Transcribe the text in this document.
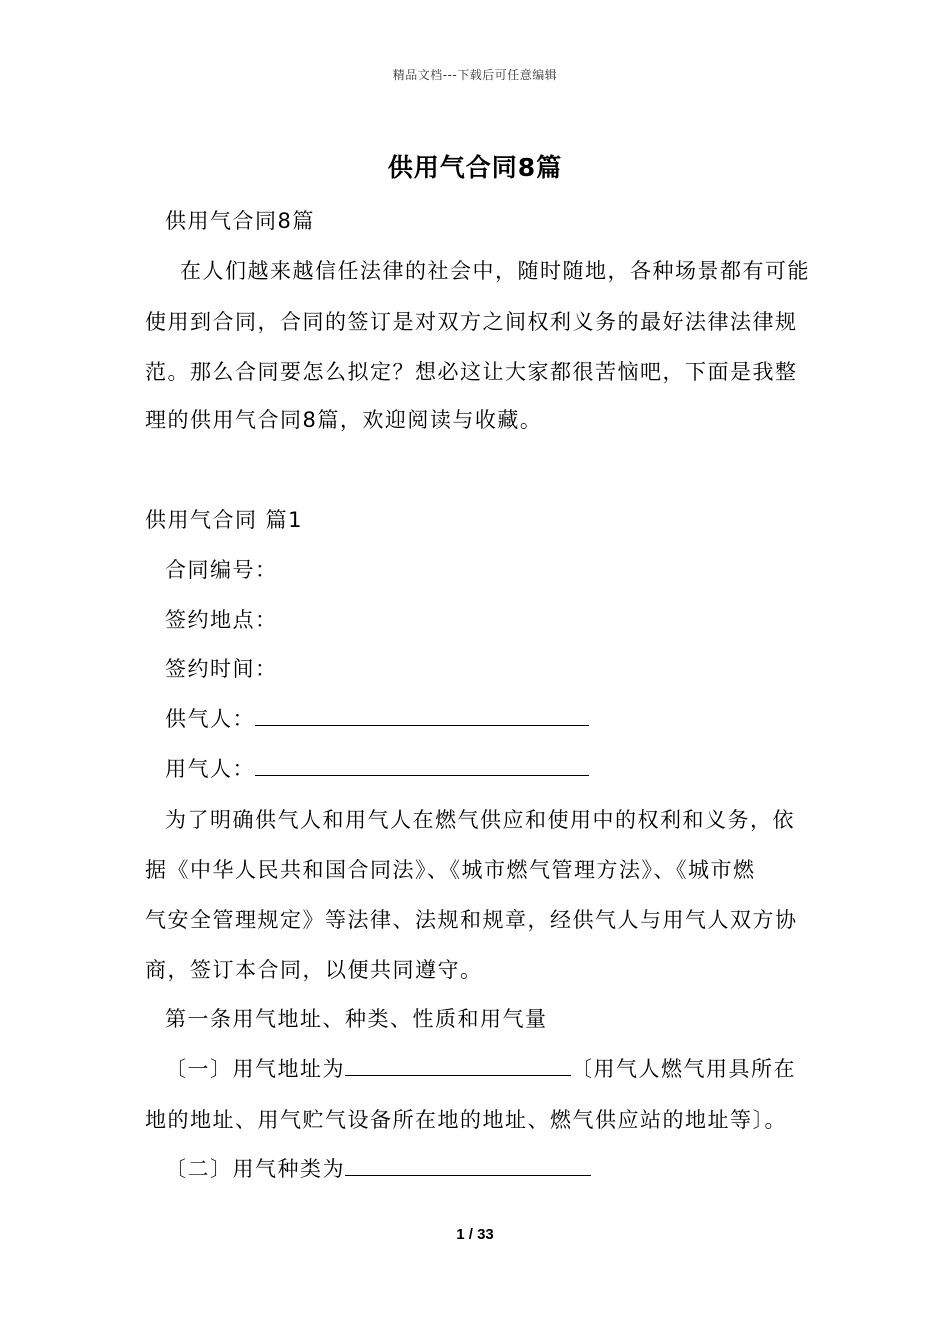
精品文档---下载后可任意编辑
供用气合同8篇
供用气合同8篇
在人们越来越信任法律的社会中，随时随地，各种场景都有可能
使用到合同，合同的签订是对双方之间权利义务的最好法律法律规
范。那么合同要怎么拟定？想必这让大家都很苦恼吧，下面是我整
理的供用气合同8篇，欢迎阅读与收藏。
供用气合同 篇1
合同编号：
签约地点：
签约时间：
供气人：
用气人：
为了明确供气人和用气人在燃气供应和使用中的权利和义务，依
据《中华人民共和国合同法》、《城市燃气管理方法》、《城市燃
气安全管理规定》等法律、法规和规章，经供气人与用气人双方协
商，签订本合同，以便共同遵守。
第一条用气地址、种类、性质和用气量
〔一〕用气地址为	〔用气人燃气用具所在
地的地址、用气贮气设备所在地的地址、燃气供应站的地址等〕。
〔二〕用气种类为
1 / 33
